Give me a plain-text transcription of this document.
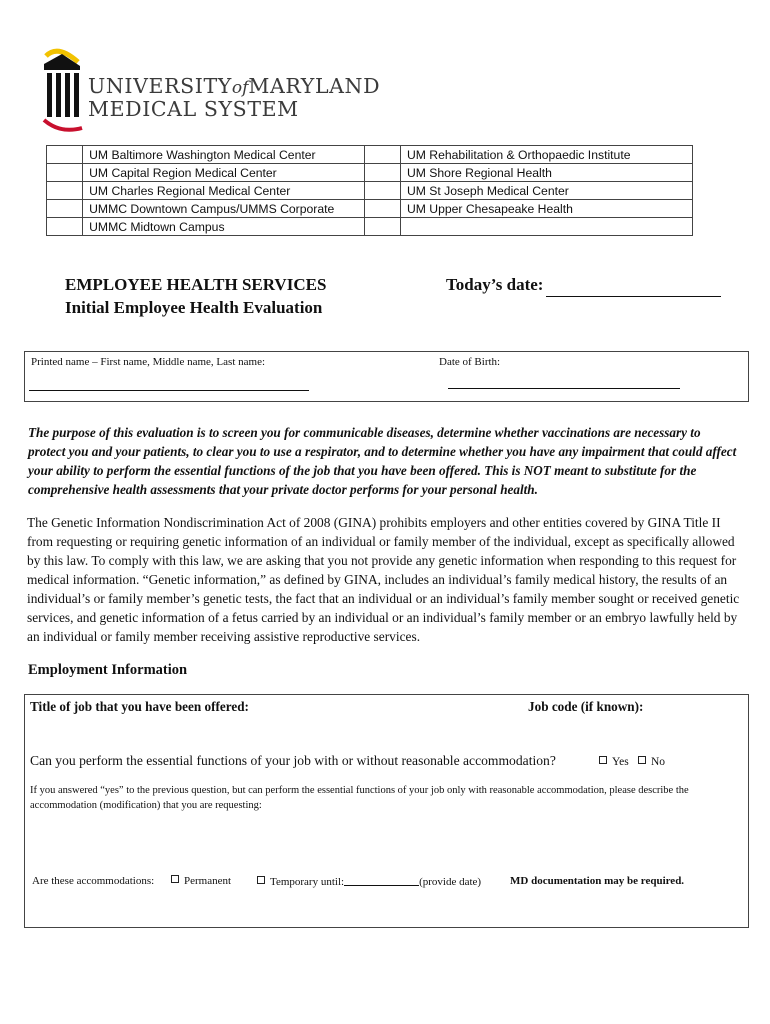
UNIVERSITYofMARYLAND
MEDICAL SYSTEM
	UM Baltimore Washington Medical Center		UM Rehabilitation & Orthopaedic Institute
	UM Capital Region Medical Center		UM Shore Regional Health
	UM Charles Regional Medical Center		UM St Joseph Medical Center
	UMMC Downtown Campus/UMMS Corporate		UM Upper Chesapeake Health
	UMMC Midtown Campus		
EMPLOYEE HEALTH SERVICES
Initial Employee Health Evaluation
Today’s date:
Printed name – First name, Middle name, Last name:	Date of Birth:
The purpose of this evaluation is to screen you for communicable diseases, determine whether vaccinations are necessary to protect you and your patients, to clear you to use a respirator, and to determine whether you have any impairment that could affect your ability to perform the essential functions of the job that you have been offered. This is NOT meant to substitute for the comprehensive health assessments that your private doctor performs for your personal health.
The Genetic Information Nondiscrimination Act of 2008 (GINA) prohibits employers and other entities covered by GINA Title II from requesting or requiring genetic information of an individual or family member of the individual, except as specifically allowed by this law. To comply with this law, we are asking that you not provide any genetic information when responding to this request for medical information. “Genetic information,” as defined by GINA, includes an individual’s family medical history, the results of an individual’s or family member’s genetic tests, the fact that an individual or an individual’s family member sought or received genetic services, and genetic information of a fetus carried by an individual or an individual’s family member or an embryo lawfully held by an individual or family member receiving assistive reproductive services.
Employment Information
Title of job that you have been offered:	Job code (if known):
Can you perform the essential functions of your job with or without reasonable accommodation?	Yes	No
If you answered “yes” to the previous question, but can perform the essential functions of your job only with reasonable accommodation, please describe the accommodation (modification) that you are requesting:
Are these accommodations:	Permanent	Temporary until:	(provide date)	MD documentation may be required.
